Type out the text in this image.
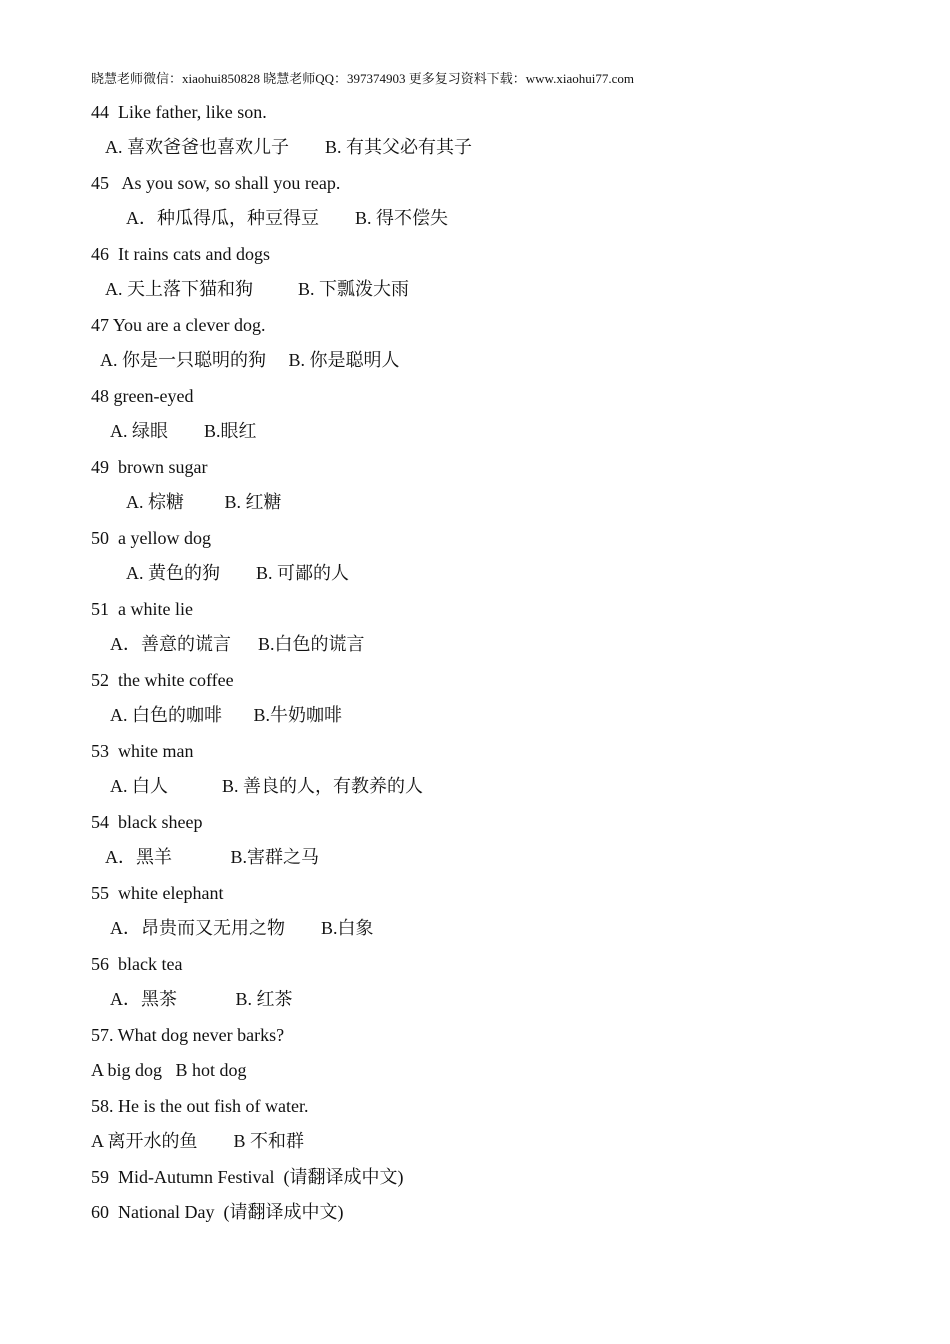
晓慧老师微信：xiaohui850828 晓慧老师QQ：397374903 更多复习资料下载：www.xiaohui77.com
44  Like father, like son.
A. 喜欢爸爸也喜欢儿子        B. 有其父必有其子
45   As you sow, so shall you reap.
A．种瓜得瓜，种豆得豆        B. 得不偿失
46  It rains cats and dogs
A. 天上落下猫和狗          B. 下瓢泼大雨
47 You are a clever dog.
A. 你是一只聪明的狗     B. 你是聪明人
48 green-eyed
A. 绿眼        B.眼红
49  brown sugar
A. 棕糖         B. 红糖
50  a yellow dog
A. 黄色的狗        B. 可鄙的人
51  a white lie
A．善意的谎言      B.白色的谎言
52  the white coffee
A. 白色的咖啡       B.牛奶咖啡
53  white man
A. 白人            B. 善良的人，有教养的人
54  black sheep
A．黑羊             B.害群之马
55  white elephant
A．昂贵而又无用之物        B.白象
56  black tea
A．黑茶             B. 红茶
57. What dog never barks?
A big dog   B hot dog
58. He is the out fish of water.
A 离开水的鱼        B 不和群
59  Mid-Autumn Festival  (请翻译成中文)
60  National Day  (请翻译成中文)
